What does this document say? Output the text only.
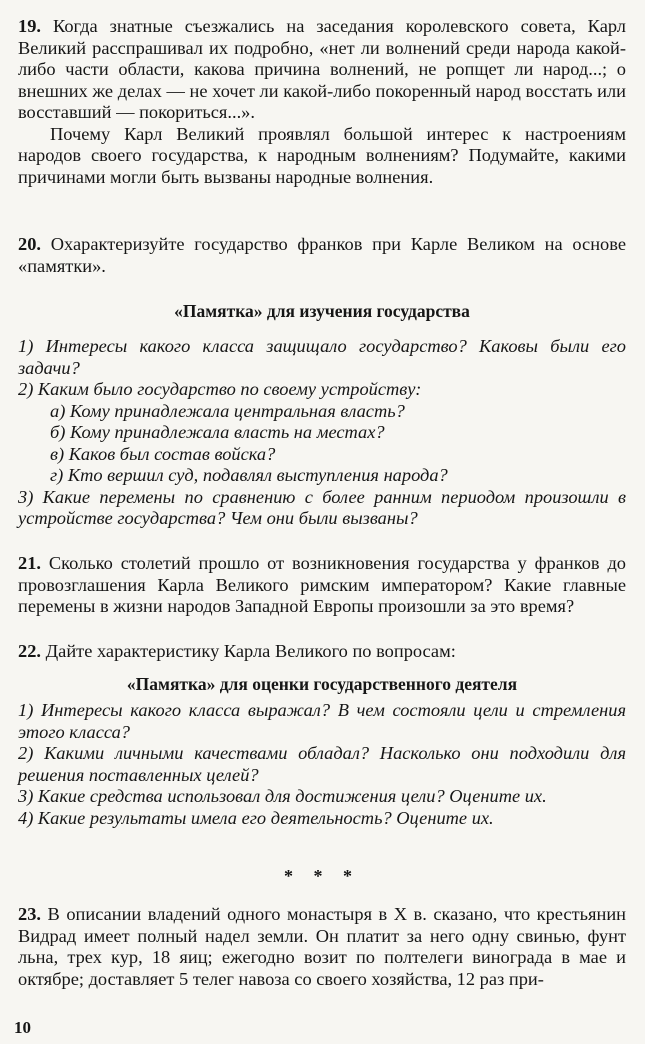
19. Когда знатные съезжались на заседания королевского совета, Карл Великий расспрашивал их подробно, «нет ли волнений среди народа какой-либо части области, какова причина волнений, не ропщет ли народ...; о внешних же делах — не хочет ли какой-либо покоренный народ восстать или восставший — покориться...».

Почему Карл Великий проявлял большой интерес к настроениям народов своего государства, к народным волнениям? Подумайте, какими причинами могли быть вызваны народные волнения.

20. Охарактеризуйте государство франков при Карле Великом на основе «памятки».

«Памятка» для изучения государства

1) Интересы какого класса защищало государство? Каковы были его задачи?

2) Каким было государство по своему устройству:

а) Кому принадлежала центральная власть?

б) Кому принадлежала власть на местах?

в) Каков был состав войска?

г) Кто вершил суд, подавлял выступления народа?

3) Какие перемены по сравнению с более ранним периодом произошли в устройстве государства? Чем они были вызваны?

21. Сколько столетий прошло от возникновения государства у франков до провозглашения Карла Великого римским императором? Какие главные перемены в жизни народов Западной Европы произошли за это время?

22. Дайте характеристику Карла Великого по вопросам:

«Памятка» для оценки государственного деятеля

1) Интересы какого класса выражал? В чем состояли цели и стремления этого класса?

2) Какими личными качествами обладал? Насколько они подходили для решения поставленных целей?

3) Какие средства использовал для достижения цели? Оцените их.

4) Какие результаты имела его деятельность? Оцените их.

* * *

23. В описании владений одного монастыря в X в. сказано, что крестьянин Видрад имеет полный надел земли. Он платит за него одну свинью, фунт льна, трех кур, 18 яиц; ежегодно возит по полтелеги винограда в мае и октябре; доставляет 5 телег навоза со своего хозяйства, 12 раз при-

10
